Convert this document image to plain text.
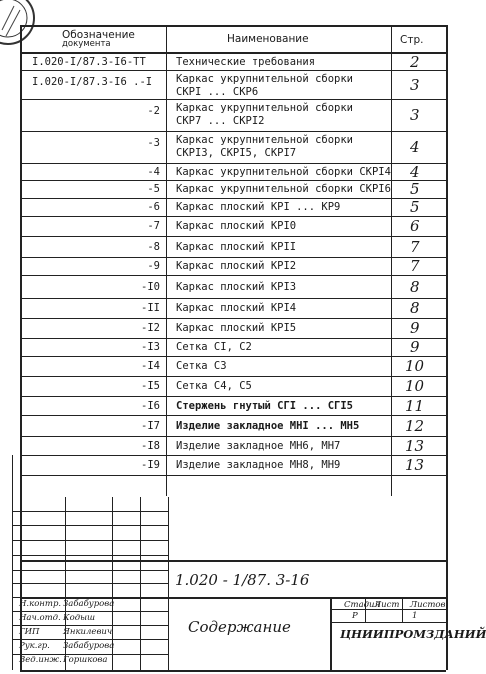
Обозначение
документа	Наименование	Стр.
I.020-I/87.3-I6-ТТ	Технические требования	2
I.020-I/87.3-I6 .-I Каркас укрупнительной сборки
СКРI ... СКР6	3
-2 Каркас укрупнительной сборки
СКР7 ... СКРI2	3
-3 Каркас укрупнительной сборки
СКРI3, СКРI5, СКРI7	4
-4 Каркас укрупнительной сборки СКРI4 4
-5 Каркас укрупнительной сборки СКРI6 5
-6 Каркас плоский КРI ... КР9	5
-7 Каркас плоский КРI0	6
-8 Каркас плоский КРII	7
-9 Каркас плоский КРI2	7
-I0 Каркас плоский КРI3	8
-II Каркас плоский КРI4	8
-I2 Каркас плоский КРI5	9
-I3 Сетка СI, С2	9
-I4 Сетка С3	10
-I5 Сетка С4, С5	10
-I6 Стержень гнутый СГI ... СГI5	11
-I7 Изделие закладное МНI ... МН5	12
-I8 Изделие закладное МН6, МН7	13
-I9 Изделие закладное МН8, МН9	13
1.020 - 1/87. 3-16
Содержание	ЦНИИПРОМЗДАНИЙ
Стадия
Лист Листов
Р	1
Н.контр. Забабурова
Нач.отд. Кодыш
ГИП	Янкилевич
Рук.гр. Забабурова
Вед.инж. Горшкова
